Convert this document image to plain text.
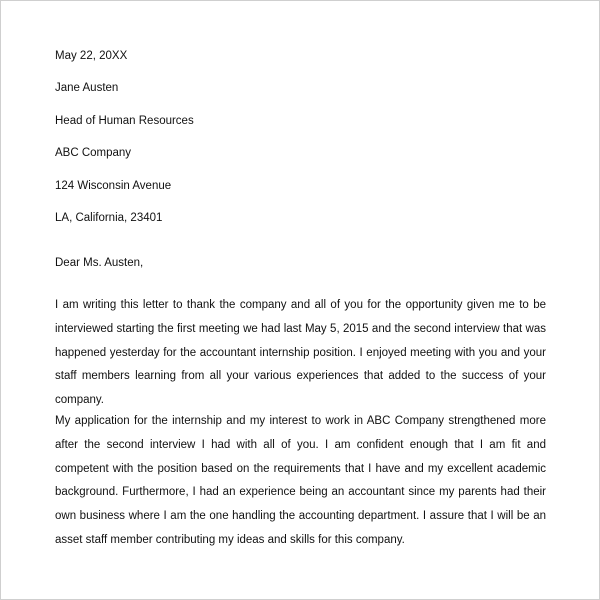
May 22, 20XX
Jane Austen
Head of Human Resources
ABC Company
124 Wisconsin Avenue
LA, California, 23401
Dear Ms. Austen,

I am writing this letter to thank the company and all of you for the opportunity given me to be interviewed starting the first meeting we had last May 5, 2015 and the second interview that was happened yesterday for the accountant internship position. I enjoyed meeting with you and your staff members learning from all your various experiences that added to the success of your company.

My application for the internship and my interest to work in ABC Company strengthened more after the second interview I had with all of you. I am confident enough that I am fit and competent with the position based on the requirements that I have and my excellent academic background. Furthermore, I had an experience being an accountant since my parents had their own business where I am the one handling the accounting department. I assure that I will be an asset staff member contributing my ideas and skills for this company.
